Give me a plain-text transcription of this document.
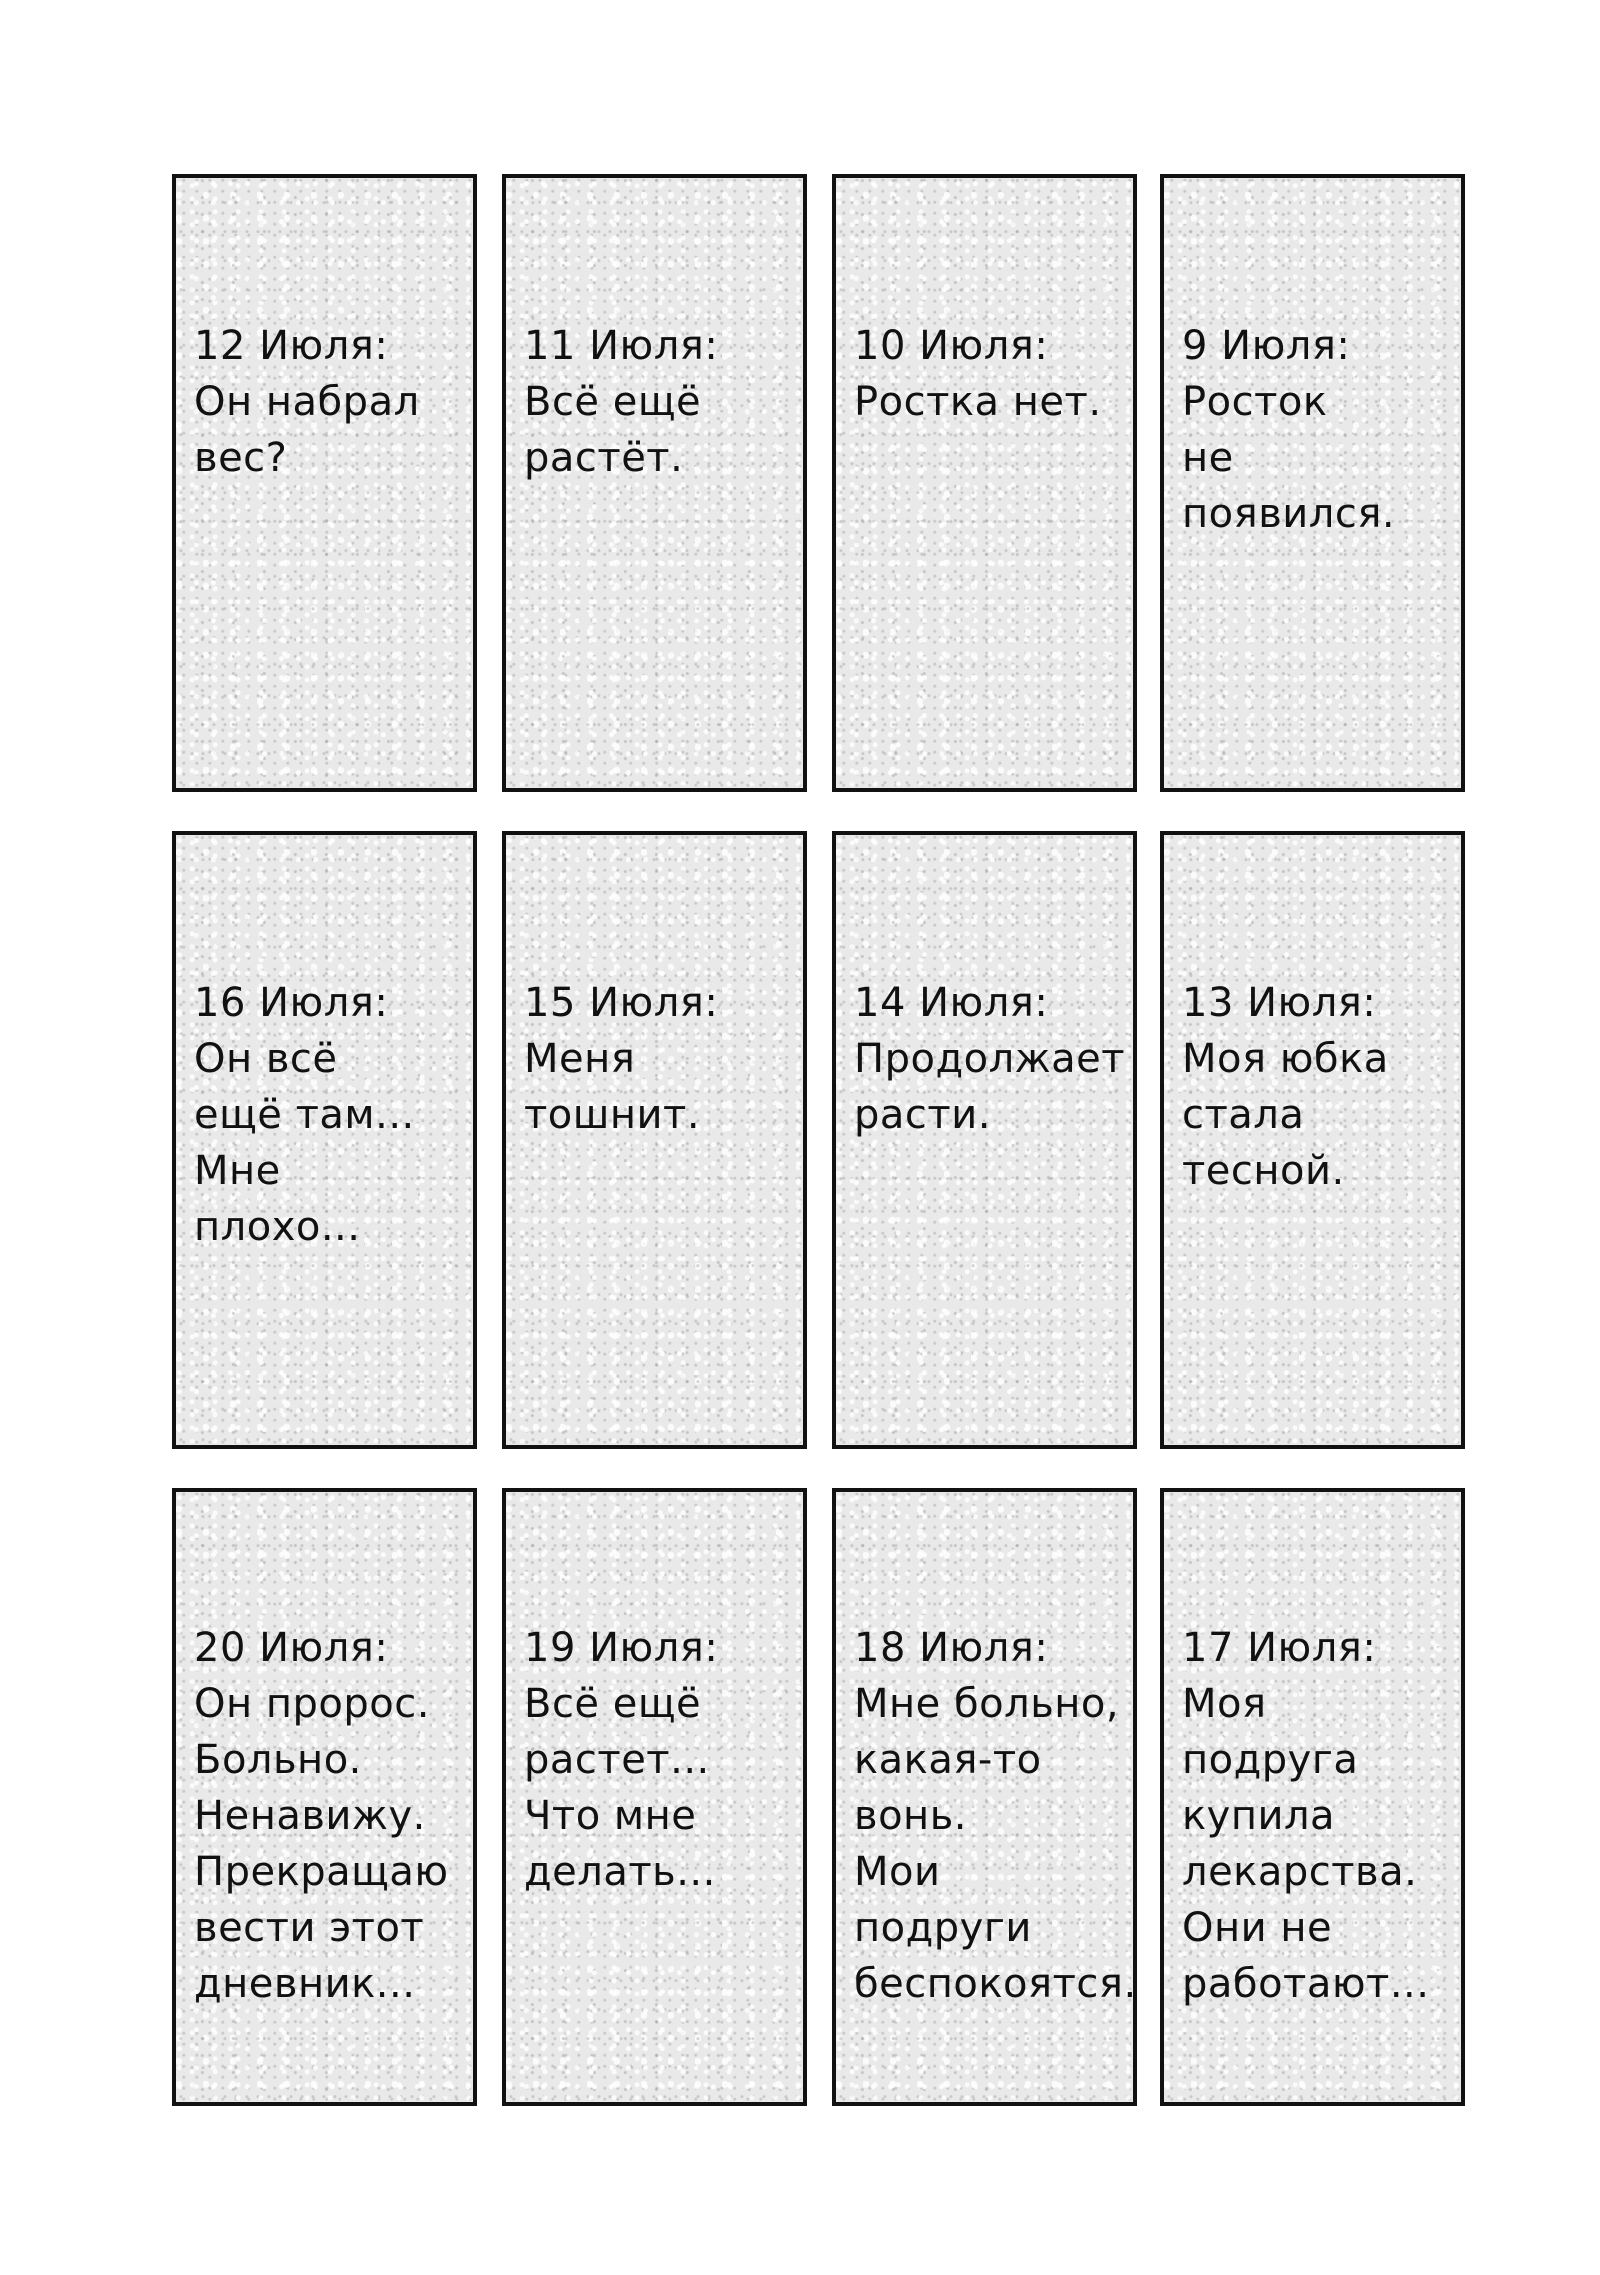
12 Июля:
Он набрал
вес?
11 Июля:
Всё ещё
растёт.
10 Июля:
Ростка нет.
9 Июля:
Росток
не появился.
16 Июля:
Он всё
ещё там...
Мне
плохо...
15 Июля:
Меня
тошнит.
14 Июля:
Продолжает
расти.
13 Июля:
Моя юбка
стала
тесной.
20 Июля:
Он пророс.
Больно.
Ненавижу.
Прекращаю
вести этот
дневник...
19 Июля:
Всё ещё
растет...
Что мне
делать...
18 Июля:
Мне больно,
какая-то
вонь.
Мои
подруги
беспокоятся.
17 Июля:
Моя
подруга
купила
лекарства.
Они не
работают...
